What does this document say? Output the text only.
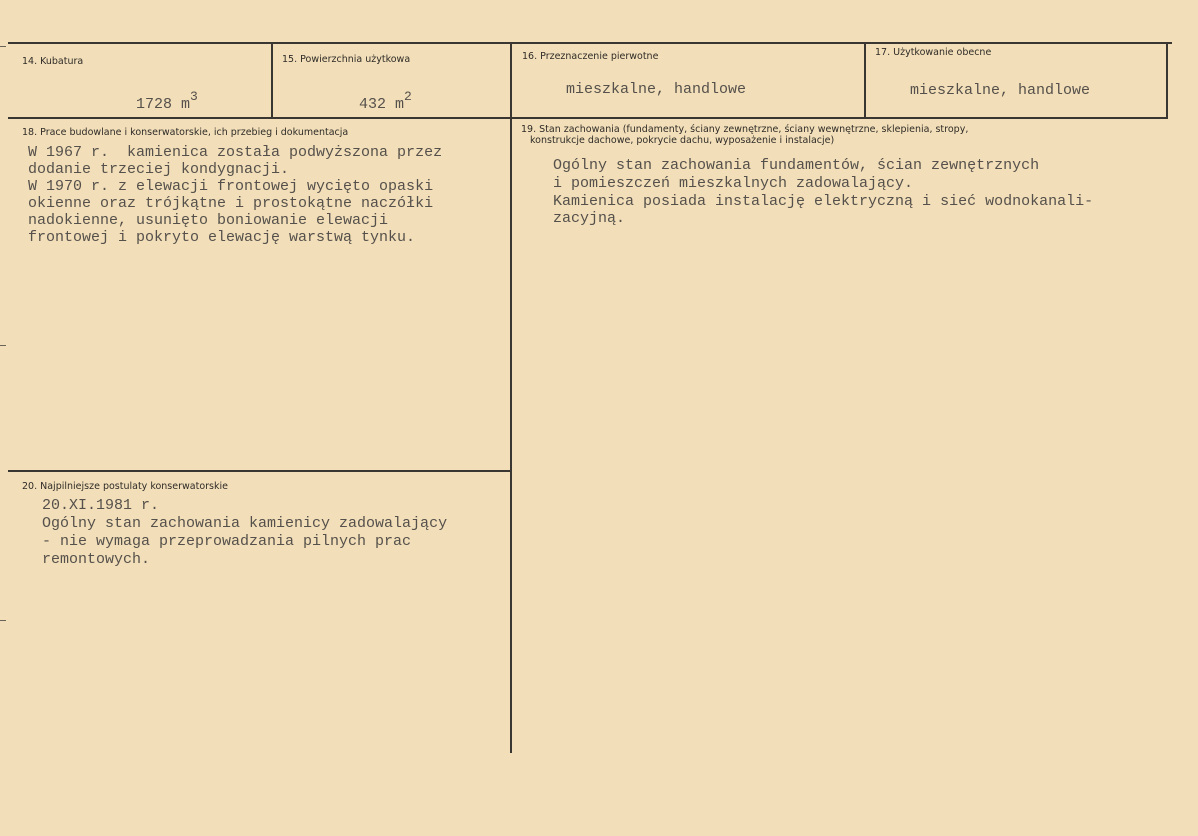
14. Kubatura

1728 m3

15. Powierzchnia użytkowa

432 m2

16. Przeznaczenie pierwotne
mieszkalne, handlowe
17. Użytkowanie obecne
mieszkalne, handlowe
18. Prace budowlane i konserwatorskie, ich przebieg i dokumentacja
W 1967 r.  kamienica została podwyższona przez
dodanie trzeciej kondygnacji.
W 1970 r. z elewacji frontowej wycięto opaski
okienne oraz trójkątne i prostokątne naczółki
nadokienne, usunięto boniowanie elewacji
frontowej i pokryto elewację warstwą tynku.
19. Stan zachowania (fundamenty, ściany zewnętrzne, ściany wewnętrzne, sklepienia, stropy,
konstrukcje dachowe, pokrycie dachu, wyposażenie i instalacje)
Ogólny stan zachowania fundamentów, ścian zewnętrznych
i pomieszczeń mieszkalnych zadowalający.
Kamienica posiada instalację elektryczną i sieć wodnokanali-
zacyjną.
20. Najpilniejsze postulaty konserwatorskie
20.XI.1981 r.
Ogólny stan zachowania kamienicy zadowalający
- nie wymaga przeprowadzania pilnych prac
remontowych.
